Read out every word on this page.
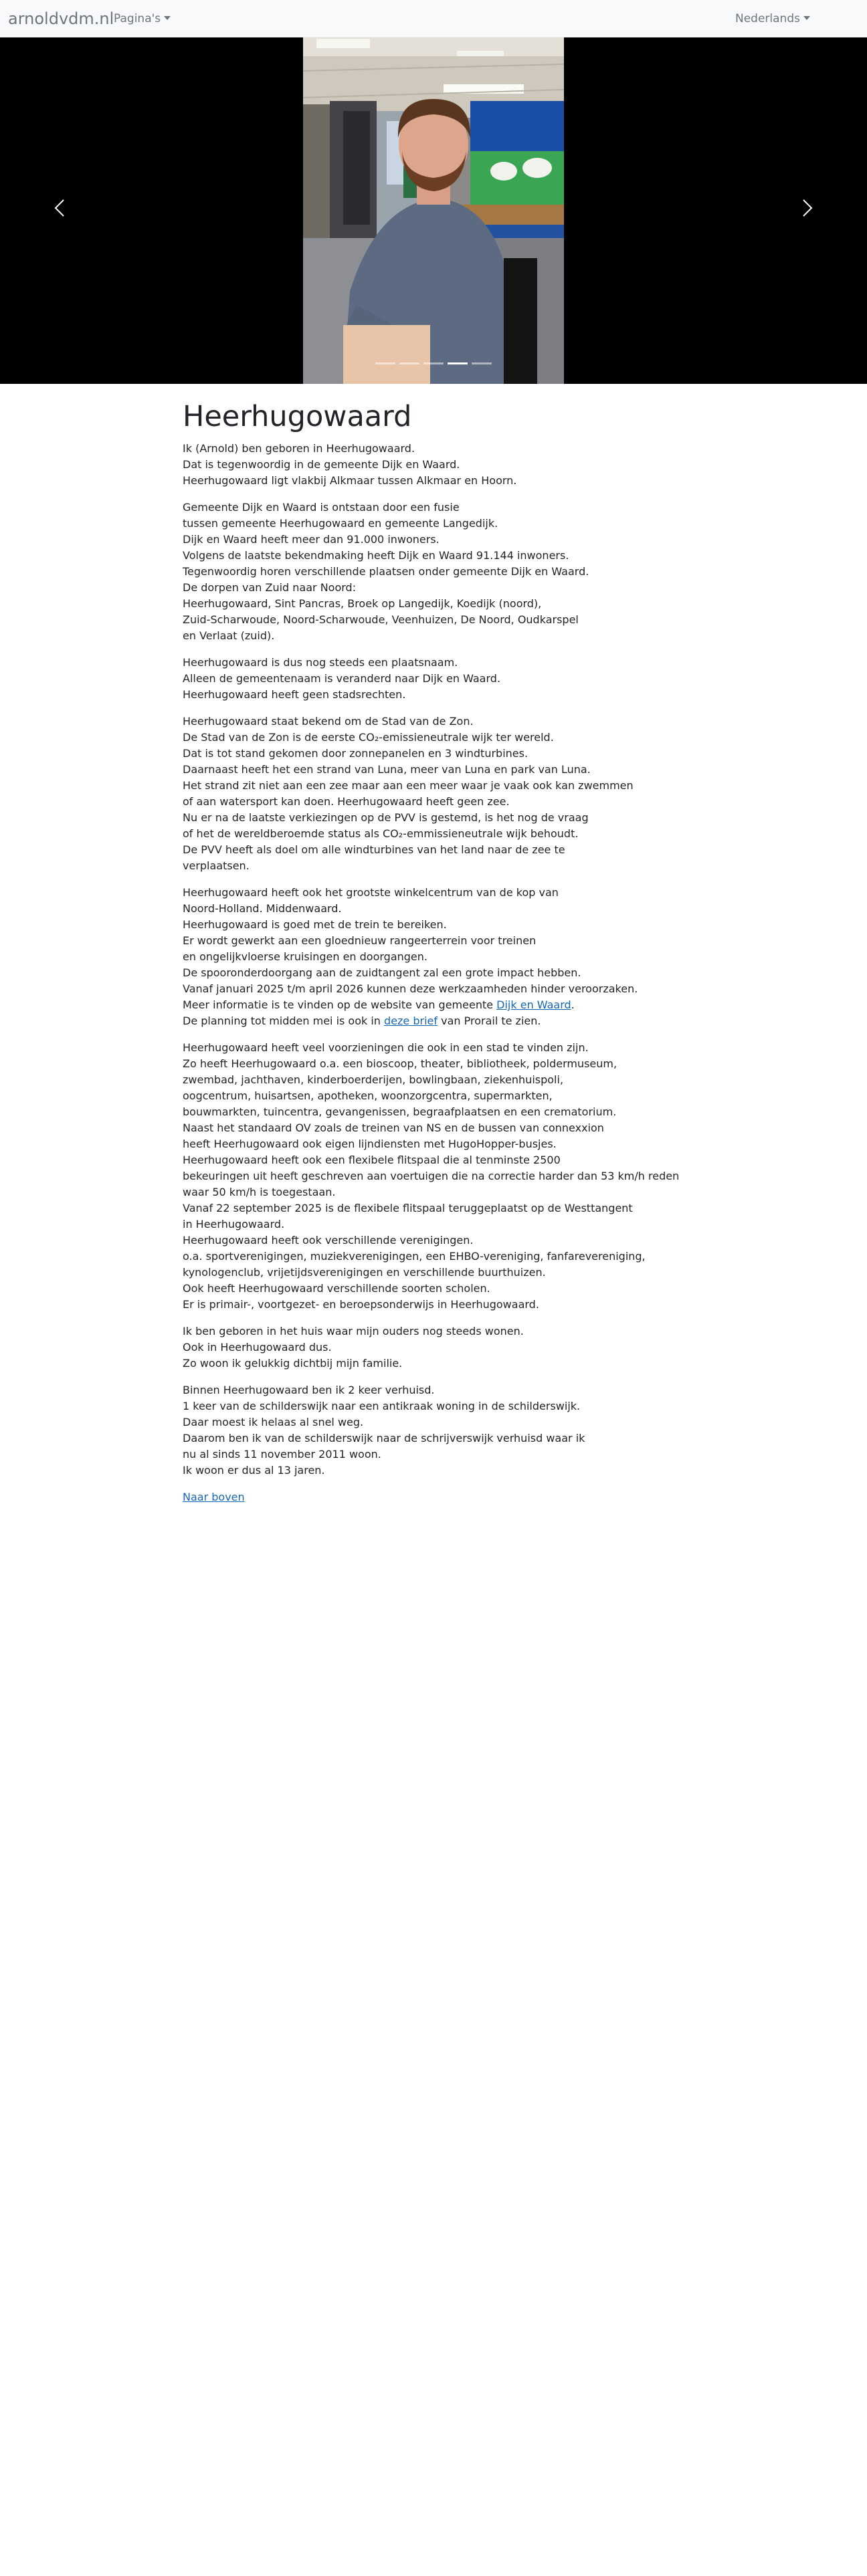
arnoldvdm.nl Pagina's	Nederlands
Heerhugowaard
Ik (Arnold) ben geboren in Heerhugowaard.
Dat is tegenwoordig in de gemeente Dijk en Waard.
Heerhugowaard ligt vlakbij Alkmaar tussen Alkmaar en Hoorn.
Gemeente Dijk en Waard is ontstaan door een fusie
tussen gemeente Heerhugowaard en gemeente Langedijk.
Dijk en Waard heeft meer dan 91.000 inwoners.
Volgens de laatste bekendmaking heeft Dijk en Waard 91.144 inwoners.
Tegenwoordig horen verschillende plaatsen onder gemeente Dijk en Waard.
De dorpen van Zuid naar Noord:
Heerhugowaard, Sint Pancras, Broek op Langedijk, Koedijk (noord),
Zuid-Scharwoude, Noord-Scharwoude, Veenhuizen, De Noord, Oudkarspel
en Verlaat (zuid).
Heerhugowaard is dus nog steeds een plaatsnaam.
Alleen de gemeentenaam is veranderd naar Dijk en Waard.
Heerhugowaard heeft geen stadsrechten.
Heerhugowaard staat bekend om de Stad van de Zon.
De Stad van de Zon is de eerste CO₂-emissieneutrale wijk ter wereld.
Dat is tot stand gekomen door zonnepanelen en 3 windturbines.
Daarnaast heeft het een strand van Luna, meer van Luna en park van Luna.
Het strand zit niet aan een zee maar aan een meer waar je vaak ook kan zwemmen
of aan watersport kan doen. Heerhugowaard heeft geen zee.
Nu er na de laatste verkiezingen op de PVV is gestemd, is het nog de vraag
of het de wereldberoemde status als CO₂-emmissieneutrale wijk behoudt.
De PVV heeft als doel om alle windturbines van het land naar de zee te
verplaatsen.
Heerhugowaard heeft ook het grootste winkelcentrum van de kop van
Noord-Holland. Middenwaard.
Heerhugowaard is goed met de trein te bereiken.
Er wordt gewerkt aan een gloednieuw rangeerterrein voor treinen
en ongelijkvloerse kruisingen en doorgangen.
De spooronderdoorgang aan de zuidtangent zal een grote impact hebben.
Vanaf januari 2025 t/m april 2026 kunnen deze werkzaamheden hinder veroorzaken.
Meer informatie is te vinden op de website van gemeente Dijk en Waard.
De planning tot midden mei is ook in deze brief van Prorail te zien.
Heerhugowaard heeft veel voorzieningen die ook in een stad te vinden zijn.
Zo heeft Heerhugowaard o.a. een bioscoop, theater, bibliotheek, poldermuseum,
zwembad, jachthaven, kinderboerderijen, bowlingbaan, ziekenhuispoli,
oogcentrum, huisartsen, apotheken, woonzorgcentra, supermarkten,
bouwmarkten, tuincentra, gevangenissen, begraafplaatsen en een crematorium.
Naast het standaard OV zoals de treinen van NS en de bussen van connexxion
heeft Heerhugowaard ook eigen lijndiensten met HugoHopper-busjes.
Heerhugowaard heeft ook een flexibele flitspaal die al tenminste 2500
bekeuringen uit heeft geschreven aan voertuigen die na correctie harder dan 53 km/h reden
waar 50 km/h is toegestaan.
Vanaf 22 september 2025 is de flexibele flitspaal teruggeplaatst op de Westtangent
in Heerhugowaard.
Heerhugowaard heeft ook verschillende verenigingen.
o.a. sportverenigingen, muziekverenigingen, een EHBO-vereniging, fanfarevereniging,
kynologenclub, vrijetijdsverenigingen en verschillende buurthuizen.
Ook heeft Heerhugowaard verschillende soorten scholen.
Er is primair-, voortgezet- en beroepsonderwijs in Heerhugowaard.
Ik ben geboren in het huis waar mijn ouders nog steeds wonen.
Ook in Heerhugowaard dus.
Zo woon ik gelukkig dichtbij mijn familie.
Binnen Heerhugowaard ben ik 2 keer verhuisd.
1 keer van de schilderswijk naar een antikraak woning in de schilderswijk.
Daar moest ik helaas al snel weg.
Daarom ben ik van de schilderswijk naar de schrijverswijk verhuisd waar ik
nu al sinds 11 november 2011 woon.
Ik woon er dus al 13 jaren.
Naar boven
